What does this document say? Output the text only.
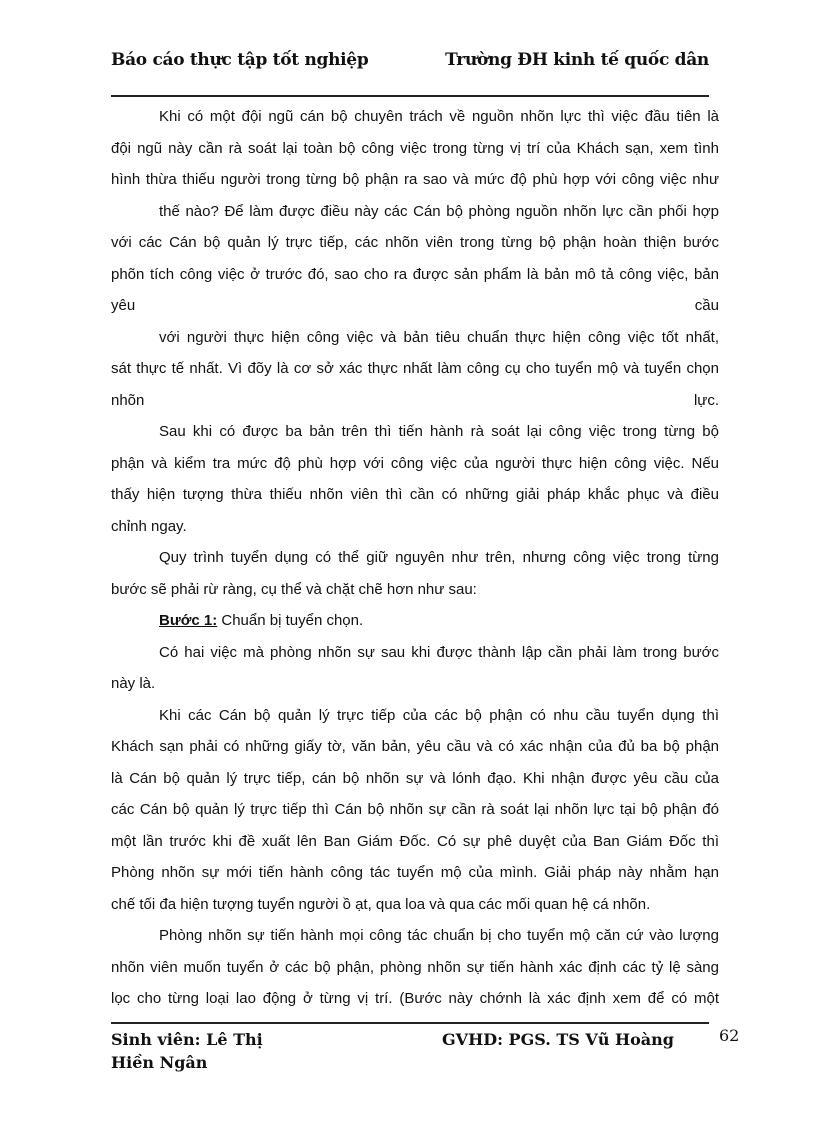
Báo cáo thực tập tốt nghiệp	Trường ĐH kinh tế quốc dân
Khi có một đội ngũ cán bộ chuyên trách về nguồn nhõn lực thì việc đầu tiên là
đội ngũ này cần rà soát lại toàn bộ công việc trong từng vị trí của Khách sạn, xem tình
hình thừa thiếu người trong từng bộ phận ra sao và mức độ phù hợp với công việc như
thế nào? Để làm được điều này các Cán bộ phòng nguồn nhõn lực cần phối hợp
với các Cán bộ quản lý trực tiếp, các nhõn viên trong từng bộ phận hoàn thiện bước
phõn tích công việc ở trước đó, sao cho ra được sản phẩm là bản mô tả công việc, bản
yêu cầu
với người thực hiện công việc và bản tiêu chuẩn thực hiện công việc tốt nhất,
sát thực tế nhất. Vì đõy là cơ sở xác thực nhất làm công cụ cho tuyển mộ và tuyển chọn
nhõn lực.
Sau khi có được ba bản trên thì tiến hành rà soát lại công việc trong từng bộ
phận và kiểm tra mức độ phù hợp với công việc của người thực hiện công việc. Nếu
thấy hiện tượng thừa thiếu nhõn viên thì cần có những giải pháp khắc phục và điều
chỉnh ngay.
Quy trình tuyển dụng có thể giữ nguyên như trên, nhưng công việc trong từng
bước sẽ phải rừ ràng, cụ thể và chặt chẽ hơn như sau:
Bước 1: Chuẩn bị tuyển chọn.
Có hai việc mà phòng nhõn sự sau khi được thành lập cần phải làm trong bước
này là.
Khi các Cán bộ quản lý trực tiếp của các bộ phận có nhu cầu tuyển dụng thì
Khách sạn phải có những giấy tờ, văn bản, yêu cầu và có xác nhận của đủ ba bộ phận
là Cán bộ quản lý trực tiếp, cán bộ nhõn sự và lónh đạo. Khi nhận được yêu cầu của
các Cán bộ quản lý trực tiếp thì Cán bộ nhõn sự cần rà soát lại nhõn lực tại bộ phận đó
một lần trước khi đề xuất lên Ban Giám Đốc. Có sự phê duyệt của Ban Giám Đốc thì
Phòng nhõn sự mới tiến hành công tác tuyển mộ của mình. Giải pháp này nhằm hạn
chế tối đa hiện tượng tuyển người ồ ạt, qua loa và qua các mối quan hệ cá nhõn.
Phòng nhõn sự tiến hành mọi công tác chuẩn bị cho tuyển mộ căn cứ vào lượng
nhõn viên muốn tuyển ở các bộ phận, phòng nhõn sự tiến hành xác định các tỷ lệ sàng
lọc cho từng loại lao động ở từng vị trí. (Bước này chớnh là xác định xem để có một
Sinh viên: Lê Thị Hiền Ngân
GVHD: PGS. TS Vũ Hoàng	62
